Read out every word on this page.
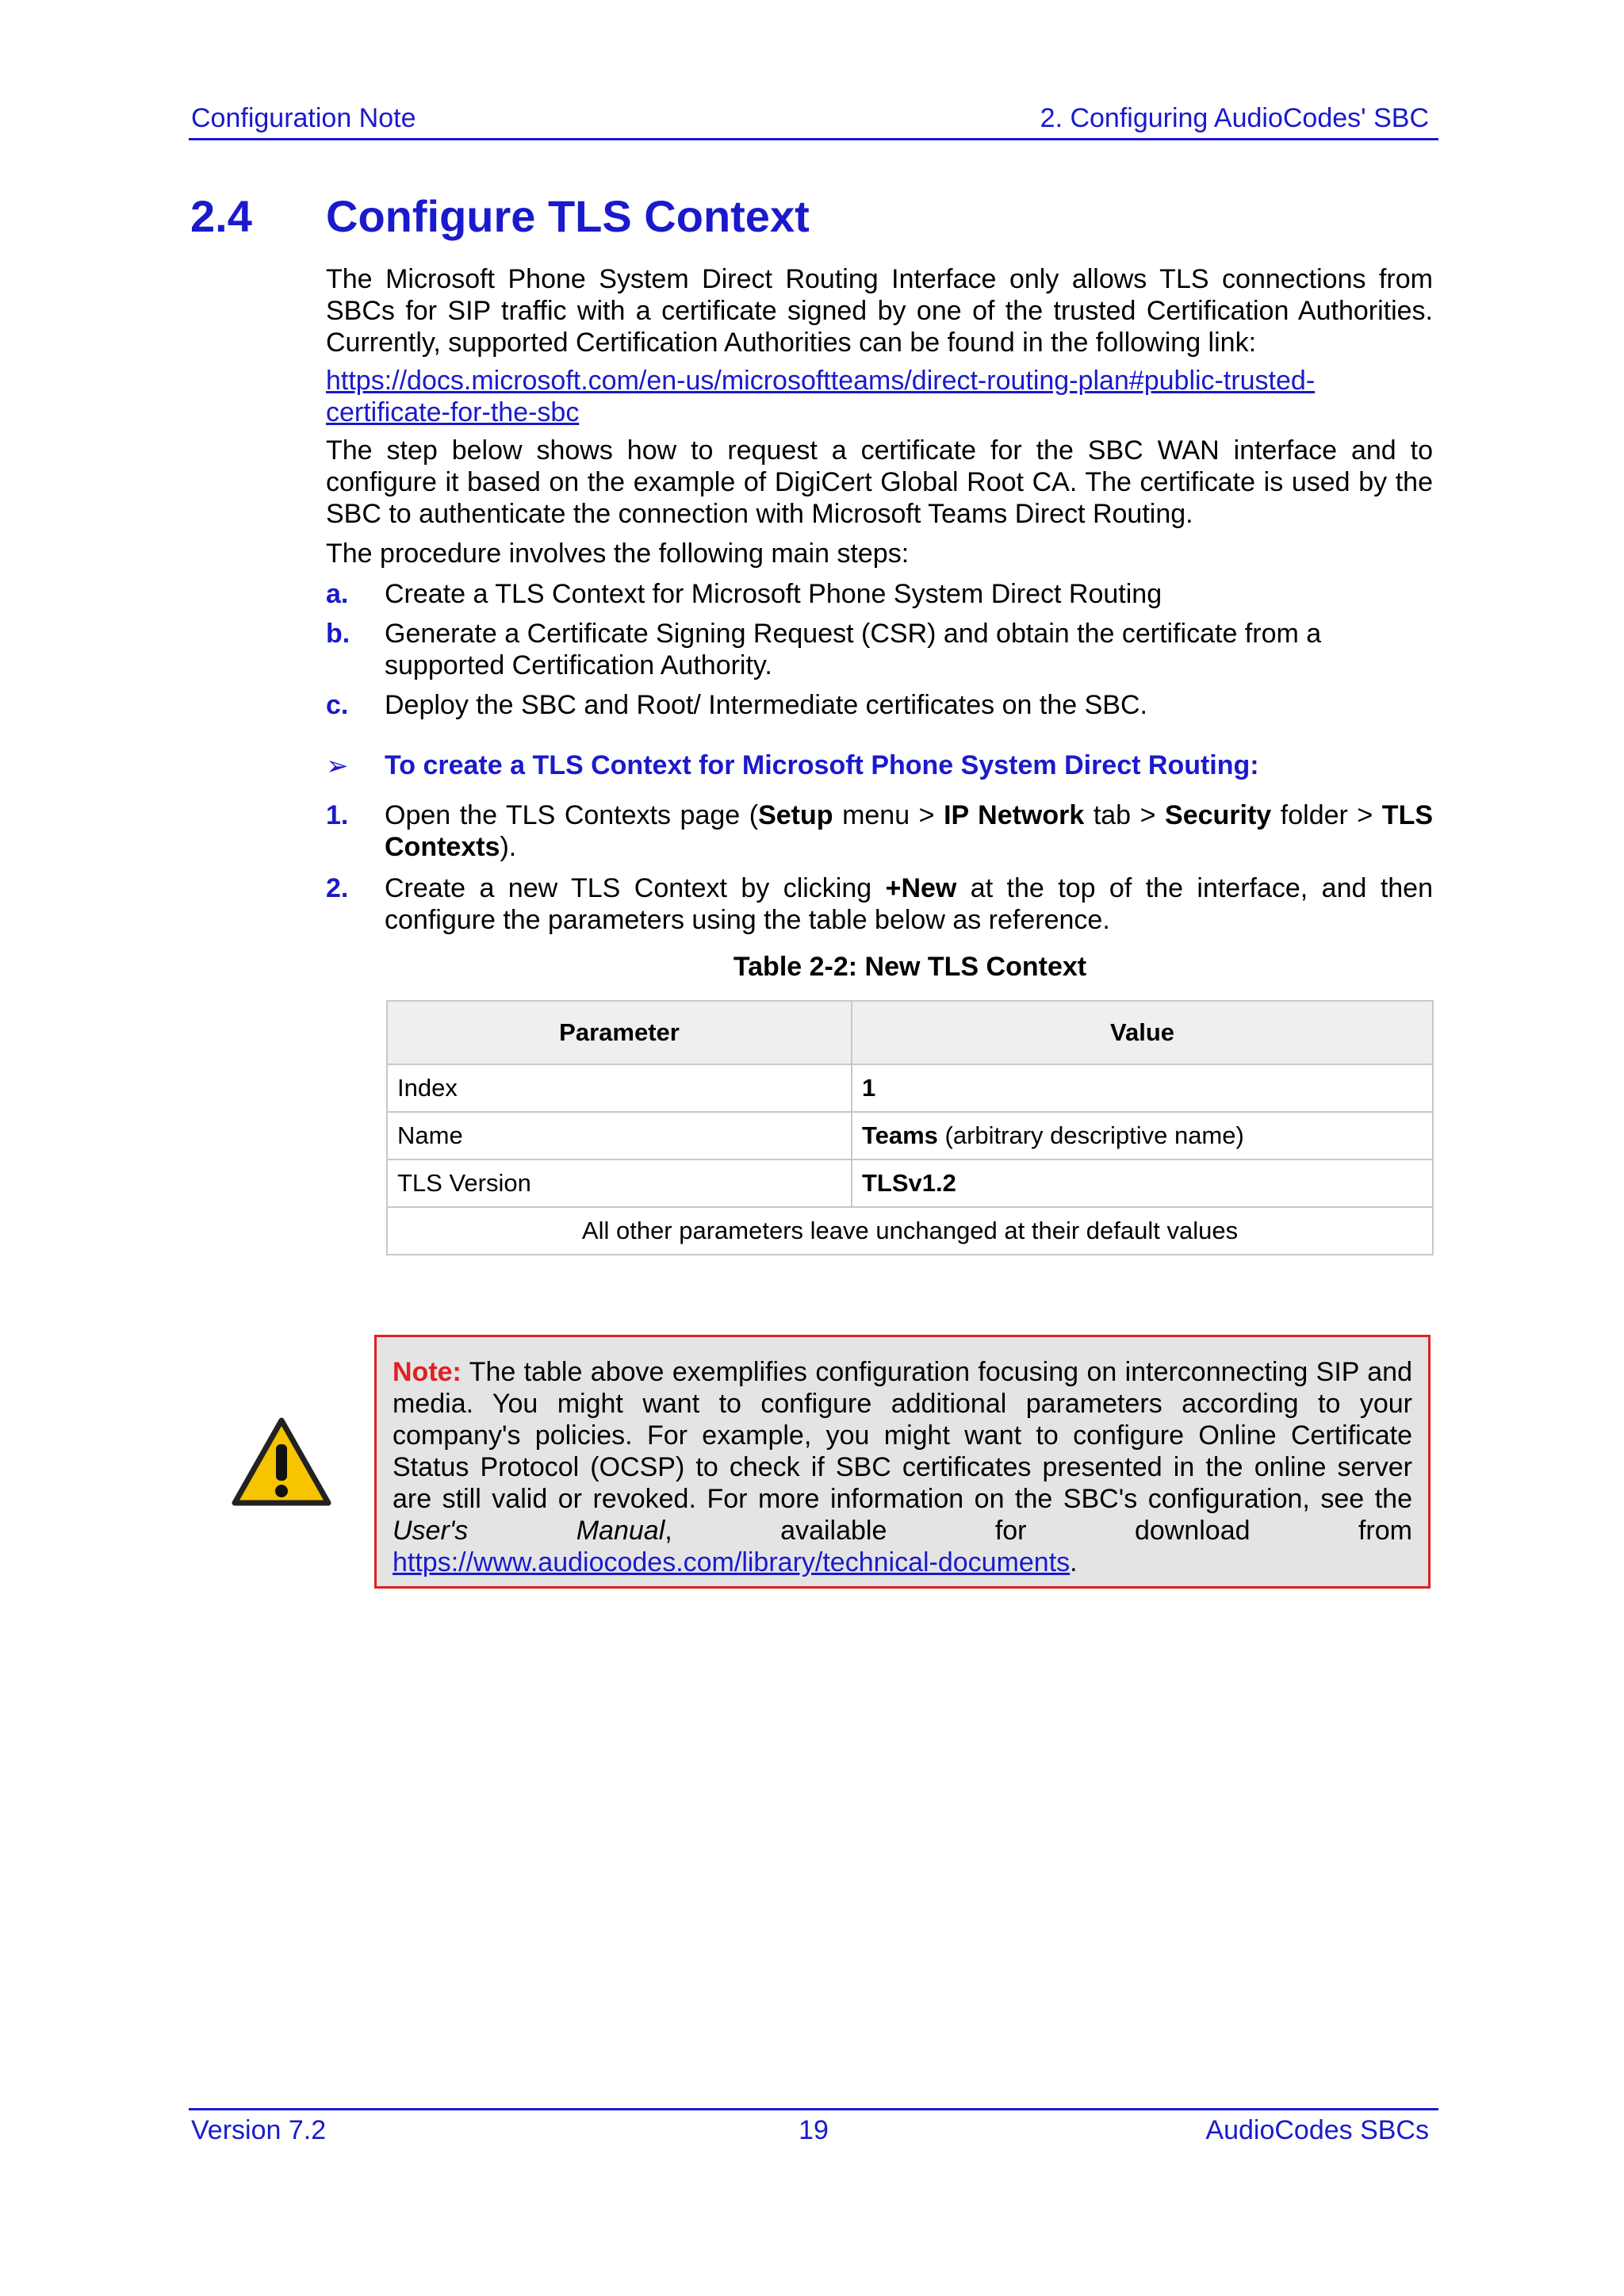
Configuration Note	2. Configuring AudioCodes' SBC
2.4 Configure TLS Context

The Microsoft Phone System Direct Routing Interface only allows TLS connections from SBCs for SIP traffic with a certificate signed by one of the trusted Certification Authorities. Currently, supported Certification Authorities can be found in the following link:

https://docs.microsoft.com/en-us/microsoftteams/direct-routing-plan#public-trusted-certificate-for-the-sbc

The step below shows how to request a certificate for the SBC WAN interface and to configure it based on the example of DigiCert Global Root CA. The certificate is used by the SBC to authenticate the connection with Microsoft Teams Direct Routing.

The procedure involves the following main steps:

a. Create a TLS Context for Microsoft Phone System Direct Routing
b. Generate a Certificate Signing Request (CSR) and obtain the certificate from a supported Certification Authority.
c. Deploy the SBC and Root/ Intermediate certificates on the SBC.
➢ To create a TLS Context for Microsoft Phone System Direct Routing:
1. Open the TLS Contexts page (Setup menu > IP Network tab > Security folder > TLS Contexts).
2. Create a new TLS Context by clicking +New at the top of the interface, and then configure the parameters using the table below as reference.
Table 2-2: New TLS Context
Parameter	Value
Index	1
Name	Teams (arbitrary descriptive name)
TLS Version	TLSv1.2
All other parameters leave unchanged at their default values	
Note: The table above exemplifies configuration focusing on interconnecting SIP and media. You might want to configure additional parameters according to your company's policies. For example, you might want to configure Online Certificate Status Protocol (OCSP) to check if SBC certificates presented in the online server are still valid or revoked. For more information on the SBC's configuration, see the User's Manual, available for download from https://www.audiocodes.com/library/technical-documents.
Version 7.2	19	AudioCodes SBCs
